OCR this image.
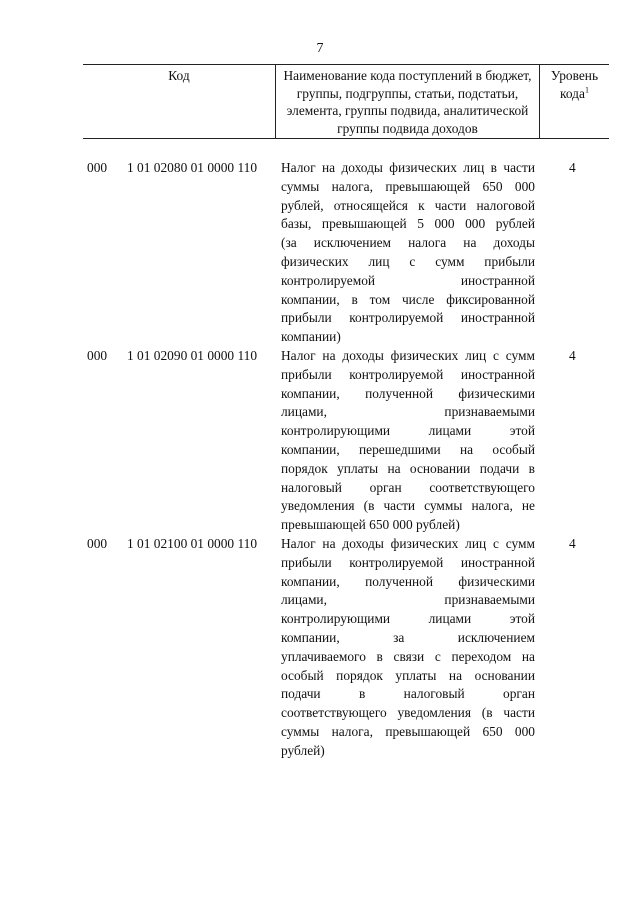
7
Код	Наименование кода поступлений в бюджет, группы, подгруппы, статьи, подстатьи, элемента, группы подвида, аналитической группы подвида доходов
Уровень кода$^1$
000 1 01 02080 01 0000 110 Налог на доходы физических лиц в части
суммы налога, превышающей 650 000
рублей, относящейся к части налоговой
базы, превышающей 5 000 000 рублей
(за исключением налога на доходы
физических лиц с сумм прибыли
контролируемой иностранной
компании, в том числе фиксированной
прибыли контролируемой иностранной
компании)
4
000 1 01 02090 01 0000 110 Налог на доходы физических лиц с сумм
прибыли контролируемой иностранной
компании, полученной физическими
лицами, признаваемыми
контролирующими лицами этой
компании, перешедшими на особый
порядок уплаты на основании подачи в
налоговый орган соответствующего
уведомления (в части суммы налога, не
превышающей 650 000 рублей)
4
000 1 01 02100 01 0000 110 Налог на доходы физических лиц с сумм
прибыли контролируемой иностранной
компании, полученной физическими
лицами, признаваемыми
контролирующими лицами этой
компании, за исключением
уплачиваемого в связи с переходом на
особый порядок уплаты на основании
подачи в налоговый орган
соответствующего уведомления (в части
суммы налога, превышающей 650 000
рублей)
4
